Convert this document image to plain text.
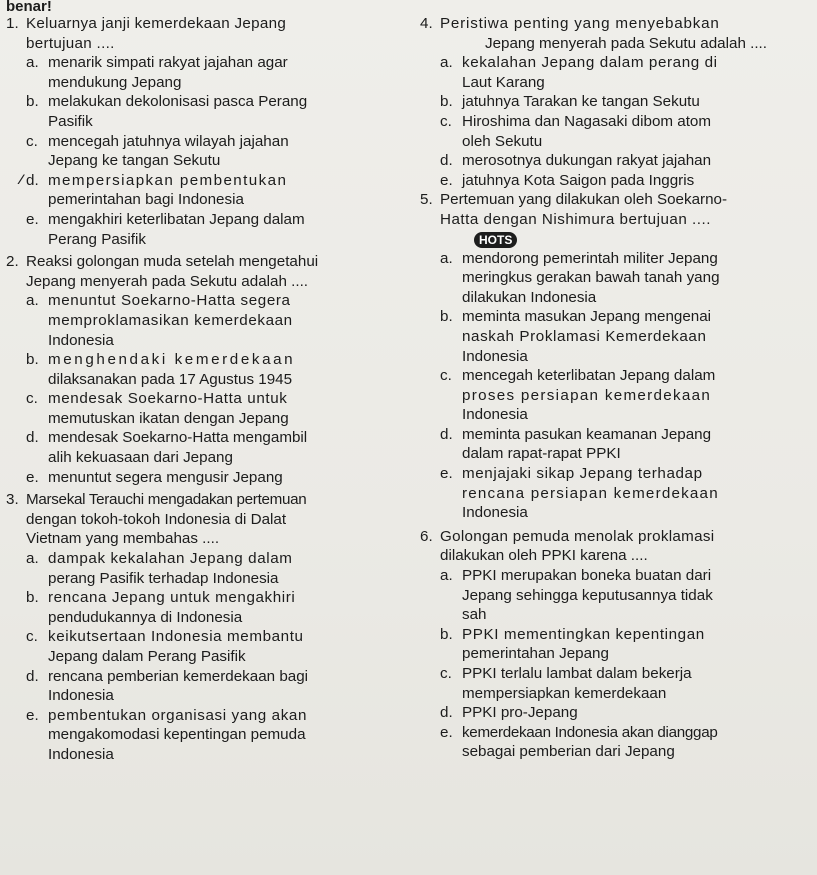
benar!
1. Keluarnya janji kemerdekaan Jepang
bertujuan ....
a. menarik simpati rakyat jajahan agar
mendukung Jepang
b. melakukan dekolonisasi pasca Perang
Pasifik
c. mencegah jatuhnya wilayah jajahan
Jepang ke tangan Sekutu
d.
⁄ mempersiapkan pembentukan
pemerintahan bagi Indonesia
e. mengakhiri keterlibatan Jepang dalam
Perang Pasifik
2. Reaksi golongan muda setelah mengetahui
Jepang menyerah pada Sekutu adalah ....
a. menuntut Soekarno-Hatta segera
memproklamasikan kemerdekaan
Indonesia
b. menghendaki kemerdekaan
dilaksanakan pada 17 Agustus 1945
c. mendesak Soekarno-Hatta untuk
memutuskan ikatan dengan Jepang
d. mendesak Soekarno-Hatta mengambil
alih kekuasaan dari Jepang
e. menuntut segera mengusir Jepang
3. Marsekal Terauchi mengadakan pertemuan
dengan tokoh-tokoh Indonesia di Dalat
Vietnam yang membahas ....
a. dampak kekalahan Jepang dalam
perang Pasifik terhadap Indonesia
b. rencana Jepang untuk mengakhiri
pendudukannya di Indonesia
c. keikutsertaan Indonesia membantu
Jepang dalam Perang Pasifik
d. rencana pemberian kemerdekaan bagi
Indonesia
e. pembentukan organisasi yang akan
mengakomodasi kepentingan pemuda
Indonesia
4. Peristiwa penting yang menyebabkan
Jepang menyerah pada Sekutu adalah ....
a. kekalahan Jepang dalam perang di
Laut Karang
b. jatuhnya Tarakan ke tangan Sekutu
c. Hiroshima dan Nagasaki dibom atom
oleh Sekutu
d. merosotnya dukungan rakyat jajahan
e. jatuhnya Kota Saigon pada Inggris
5. Pertemuan yang dilakukan oleh Soekarno-
Hatta dengan Nishimura bertujuan ....
HOTS
a. mendorong pemerintah militer Jepang
meringkus gerakan bawah tanah yang
dilakukan Indonesia
b. meminta masukan Jepang mengenai
naskah Proklamasi Kemerdekaan
Indonesia
c. mencegah keterlibatan Jepang dalam
proses persiapan kemerdekaan
Indonesia
d. meminta pasukan keamanan Jepang
dalam rapat-rapat PPKI
e. menjajaki sikap Jepang terhadap
rencana persiapan kemerdekaan
Indonesia
6. Golongan pemuda menolak proklamasi
dilakukan oleh PPKI karena ....
a. PPKI merupakan boneka buatan dari
Jepang sehingga keputusannya tidak
sah
b. PPKI mementingkan kepentingan
pemerintahan Jepang
c. PPKI terlalu lambat dalam bekerja
mempersiapkan kemerdekaan
d. PPKI pro-Jepang
e. kemerdekaan Indonesia akan dianggap
sebagai pemberian dari Jepang
